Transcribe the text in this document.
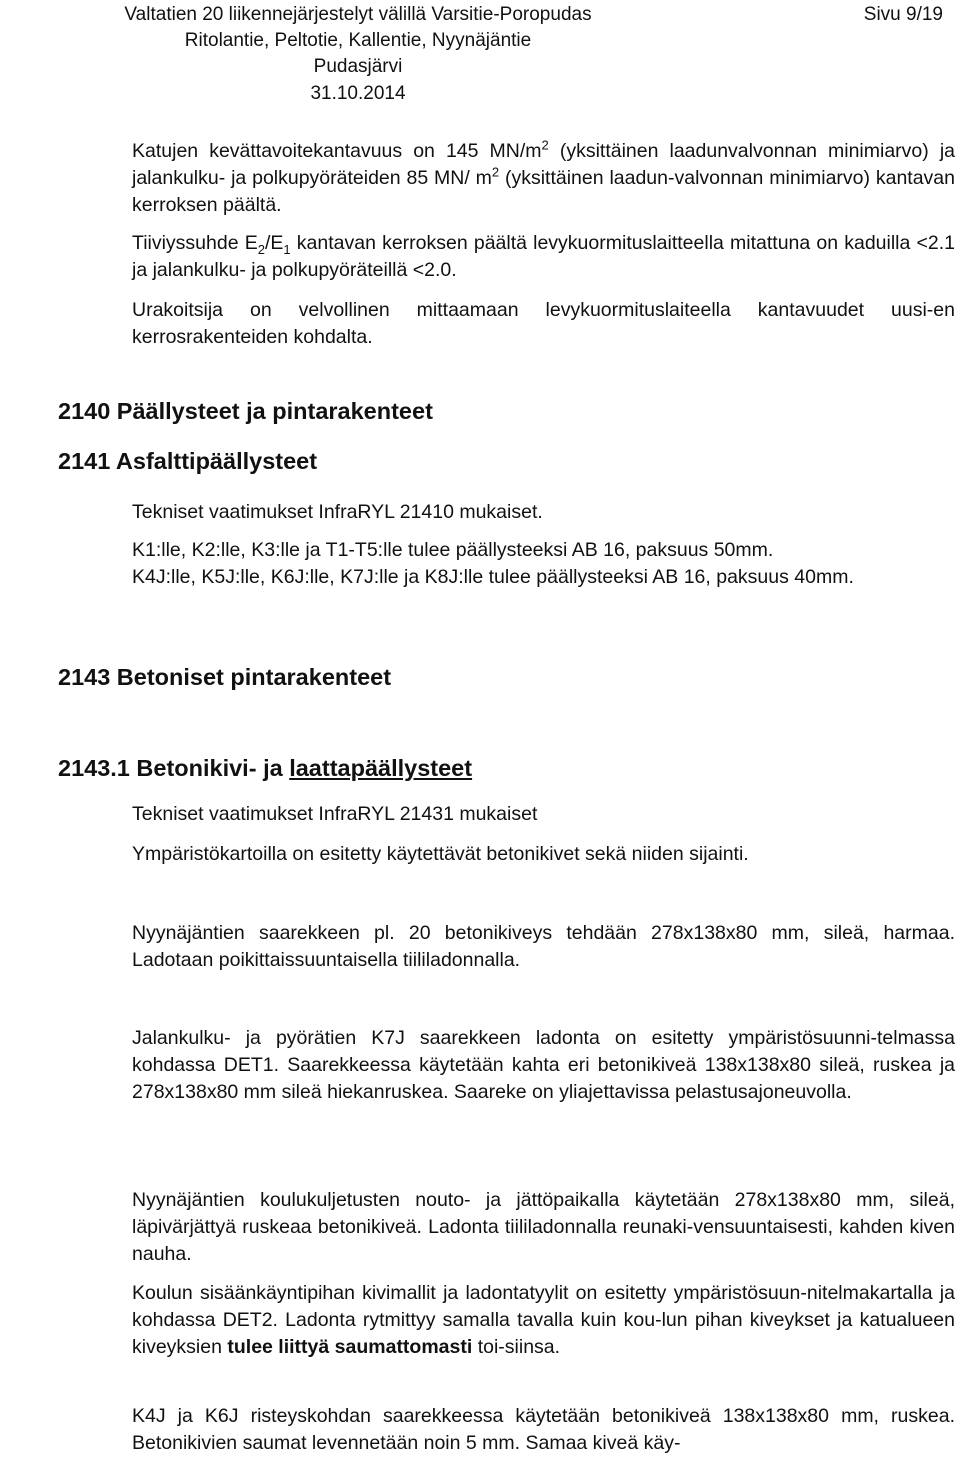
Valtatien 20 liikennejärjestelyt välillä Varsitie-Poropudas	Sivu 9/19
Ritolantie, Peltotie, Kallentie, Nyynäjäntie
Pudasjärvi
31.10.2014

Katujen kevättavoitekantavuus on 145 $MN/m^2$ (yksittäinen laadunvalvonnan minimiarvo) ja jalankulku- ja polkupyöräteiden 85 MN/ $m^2$ (yksittäinen laadun-valvonnan minimiarvo) kantavan kerroksen päältä.

Tiiviyssuhde $E_2/E_1$ kantavan kerroksen päältä levykuormituslaitteella mitattuna on kaduilla <2.1 ja jalankulku- ja polkupyöräteillä <2.0.

Urakoitsija on velvollinen mittaamaan levykuormituslaiteella kantavuudet uusi-en kerrosrakenteiden kohdalta.

2140 Päällysteet ja pintarakenteet
2141 Asfalttipäällysteet

Tekniset vaatimukset InfraRYL 21410 mukaiset.

K1:lle, K2:lle, K3:lle ja T1-T5:lle tulee päällysteeksi AB 16, paksuus 50mm.

K4J:lle, K5J:lle, K6J:lle, K7J:lle ja K8J:lle tulee päällysteeksi AB 16, paksuus 40mm.

2143 Betoniset pintarakenteet
2143.1 Betonikivi- ja laattapäällysteet

Tekniset vaatimukset InfraRYL 21431 mukaiset

Ympäristökartoilla on esitetty käytettävät betonikivet sekä niiden sijainti.

Nyynäjäntien saarekkeen pl. 20 betonikiveys tehdään 278x138x80 mm, sileä, harmaa. Ladotaan poikittaissuuntaisella tiililadonnalla.

Jalankulku- ja pyörätien K7J saarekkeen ladonta on esitetty ympäristösuunni-telmassa kohdassa DET1. Saarekkeessa käytetään kahta eri betonikiveä 138x138x80 sileä, ruskea ja 278x138x80 mm sileä hiekanruskea. Saareke on yliajettavissa pelastusajoneuvolla.

Nyynäjäntien koulukuljetusten nouto- ja jättöpaikalla käytetään 278x138x80 mm, sileä, läpivärjättyä ruskeaa betonikiveä. Ladonta tiililadonnalla reunaki-vensuuntaisesti, kahden kiven nauha.

Koulun sisäänkäyntipihan kivimallit ja ladontatyylit on esitetty ympäristösuun-nitelmakartalla ja kohdassa DET2. Ladonta rytmittyy samalla tavalla kuin kou-lun pihan kiveykset ja katualueen kiveyksien tulee liittyä saumattomasti toi-siinsa.

K4J ja K6J risteyskohdan saarekkeessa käytetään betonikiveä 138x138x80 mm, ruskea. Betonikivien saumat levennetään noin 5 mm. Samaa kiveä käy-
